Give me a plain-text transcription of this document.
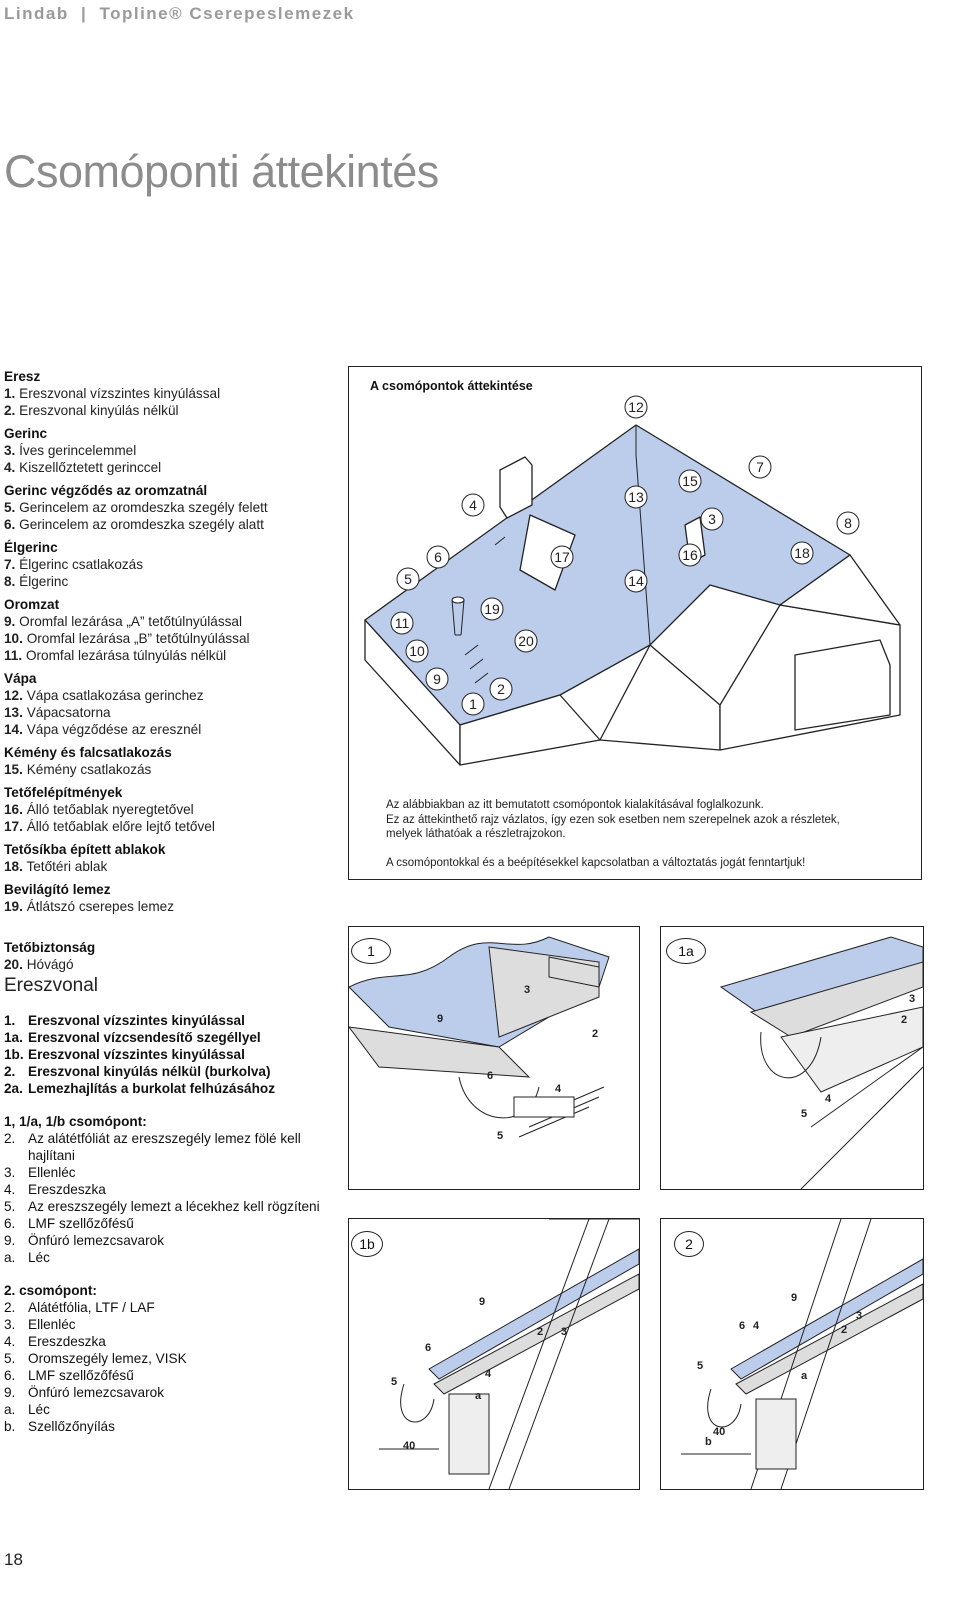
Lindab | Topline® Cserepeslemezek
Csomóponti áttekintés
Eresz
1. Ereszvonal vízszintes kinyúlással
2. Ereszvonal kinyúlás nélkül
Gerinc
3. Íves gerincelemmel
4. Kiszellőztetett gerinccel
Gerinc végződés az oromzatnál
5. Gerincelem az oromdeszka szegély felett
6. Gerincelem az oromdeszka szegély alatt
Élgerinc
7. Élgerinc csatlakozás
8. Élgerinc
Oromzat
9. Oromfal lezárása „A” tetőtúlnyúlással
10. Oromfal lezárása „B” tetőtúlnyúlással
11. Oromfal lezárása túlnyúlás nélkül
Vápa
12. Vápa csatlakozása gerinchez
13. Vápacsatorna
14. Vápa végződése az eresznél
Kémény és falcsatlakozás
15. Kémény csatlakozás
Tetőfelépítmények
16. Álló tetőablak nyeregtetővel
17. Álló tetőablak előre lejtő tetővel
Tetősíkba épített ablakok
18. Tetőtéri ablak
Bevilágító lemez
19. Átlátszó cserepes lemez
Tetőbiztonság
20. Hóvágó
A csomópontok áttekintése
12
7
15
13
4
3	8
6	17	16	18
5	14
19
11
20
10
9
2
1

Az alábbiakban az itt bemutatott csomópontok kialakításával foglalkozunk.
Ez az áttekinthető rajz vázlatos, így ezen sok esetben nem szerepelnek azok a részletek, melyek láthatóak a részletrajzokon.

A csomópontokkal és a beépítésekkel kapcsolatban a változtatás jogát fenntartjuk!

Ereszvonal
1. Ereszvonal vízszintes kinyúlással
1a. Ereszvonal vízcsendesítő szegéllyel
1b. Ereszvonal vízszintes kinyúlással
2. Ereszvonal kinyúlás nélkül (burkolva)
2a. Lemezhajlítás a burkolat felhúzásához
1, 1/a, 1/b csomópont:
2. Az alátétfóliát az ereszszegély lemez fölé kell hajlítani
3. Ellenléc
4. Ereszdeszka
5. Az ereszszegély lemezt a lécekhez kell rögzíteni
6. LMF szellőzőfésű
9. Önfúró lemezcsavarok
a. Léc
2. csomópont:
2. Alátétfólia, LTF / LAF
3. Ellenléc
4. Ereszdeszka
5. Oromszegély lemez, VISK
6. LMF szellőzőfésű
9. Önfúró lemezcsavarok
a. Léc
b. Szellőzőnyílás
3
9
2
6
4
5
1
3
2
4
5
1a
9
3
2
6
4
5
a
40
1b
9
6 4
3
2
5
a
40
b
2
18
